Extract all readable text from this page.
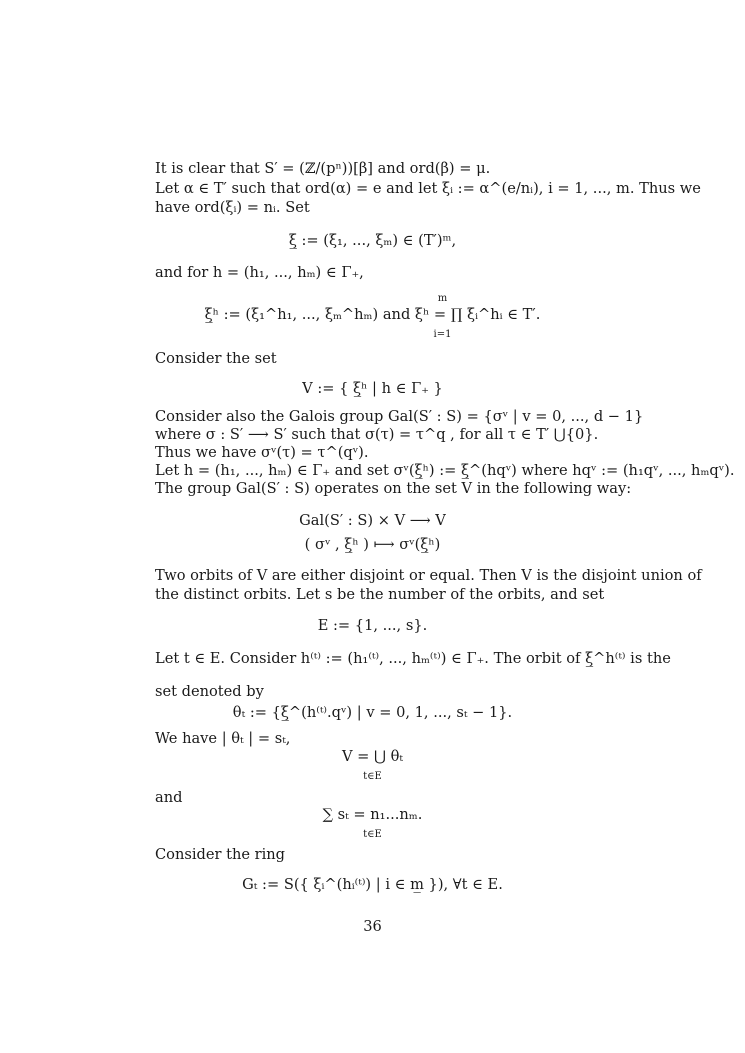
It is clear that S′ = (ℤ/(pⁿ))[β] and ord(β) = μ.
Let α ∈ T′ such that ord(α) = e and let ξᵢ := α^(e/nᵢ), i = 1, ..., m. Thus we
have ord(ξᵢ) = nᵢ. Set
ξ̲ := (ξ₁, ..., ξₘ) ∈ (T′)ᵐ,
and for h = (h₁, ..., hₘ) ∈ Γ₊,
m
ξ̲ʰ := (ξ₁^h₁, ..., ξₘ^hₘ) and ξʰ = ∏ ξᵢ^hᵢ ∈ T′.
i=1
Consider the set
V := { ξ̲ʰ | h ∈ Γ₊ }
Consider also the Galois group Gal(S′ : S) = {σᵛ | v = 0, ..., d − 1}
where σ : S′ ⟶ S′ such that σ(τ) = τ^q , for all τ ∈ T′ ⋃{0}.
Thus we have σᵛ(τ) = τ^(qᵛ).
Let h = (h₁, ..., hₘ) ∈ Γ₊ and set σᵛ(ξ̲ʰ) := ξ̲^(hqᵛ) where hqᵛ := (h₁qᵛ, ..., hₘqᵛ).
The group Gal(S′ : S) operates on the set V in the following way:
Gal(S′ : S) × V ⟶ V
( σᵛ , ξ̲ʰ ) ⟼ σᵛ(ξ̲ʰ)
Two orbits of V are either disjoint or equal. Then V is the disjoint union of
the distinct orbits. Let s be the number of the orbits, and set
E := {1, ..., s}.
Let t ∈ E. Consider h⁽ᵗ⁾ := (h₁⁽ᵗ⁾, ..., hₘ⁽ᵗ⁾) ∈ Γ₊. The orbit of ξ̲^h⁽ᵗ⁾ is the
set denoted by
θₜ := {ξ̲^(h⁽ᵗ⁾.qᵛ) | v = 0, 1, ..., sₜ − 1}.
We have | θₜ | = sₜ,
V = ⋃ θₜ
t∈E
and
∑ sₜ = n₁...nₘ.
t∈E
Consider the ring
Gₜ := S({ ξᵢ^(hᵢ⁽ᵗ⁾) | i ∈ m̲ }), ∀t ∈ E.
36
